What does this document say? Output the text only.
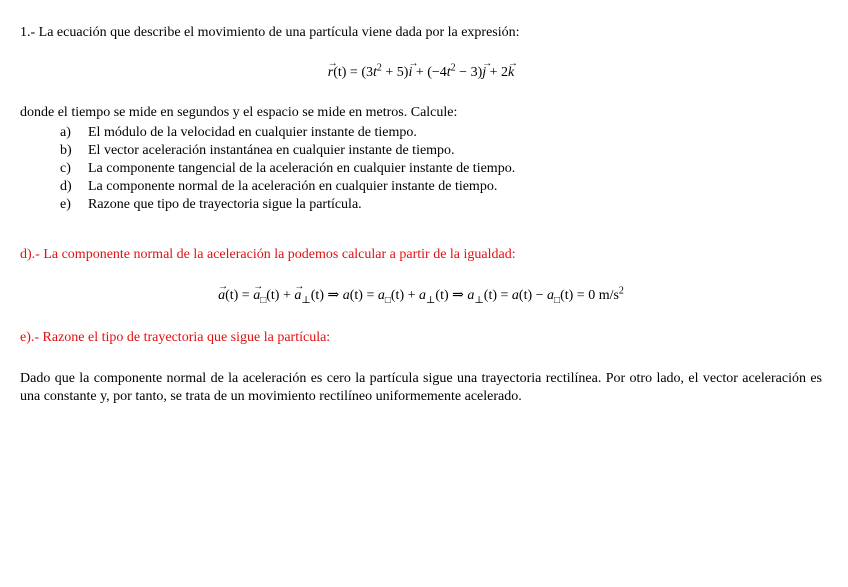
1.- La ecuación que describe el movimiento de una partícula viene dada por la expresión:
→ $r(t) = (3t^2 + 5)\to i + (-4t^2 - 3)\to j + 2\to k$
donde el tiempo se mide en segundos y el espacio se mide en metros. Calcule:
a) El módulo de la velocidad en cualquier instante de tiempo.
b) El vector aceleración instantánea en cualquier instante de tiempo.
c) La componente tangencial de la aceleración en cualquier instante de tiempo.
d) La componente normal de la aceleración en cualquier instante de tiempo.
e) Razone que tipo de trayectoria sigue la partícula.
d).- La componente normal de la aceleración la podemos calcular a partir de la igualdad:
→ a(t) = → $a_□(t)$ + → $a_\perp(t)$ ⇒ $a(t) = a_□(t) + a_\perp(t)$ ⇒ $a_\perp(t) = a(t) - a_□(t) = 0$ $m/s^2$
e).- Razone el tipo de trayectoria que sigue la partícula:
Dado que la componente normal de la aceleración es cero la partícula sigue una trayectoria rectilínea. Por otro lado, el vector aceleración es una constante y, por tanto, se trata de un movimiento rectilíneo uniformemente acelerado.
